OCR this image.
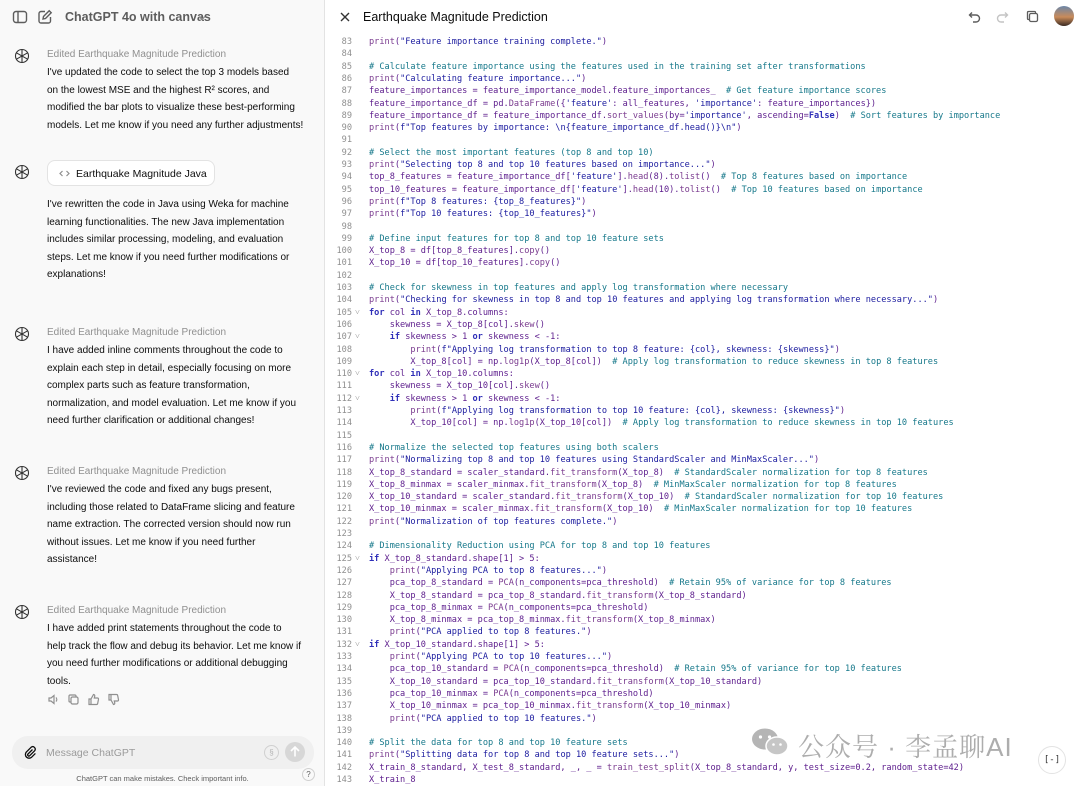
ChatGPT 4o with canvas
Edited Earthquake Magnitude Prediction
I've updated the code to select the top 3 models based
on the lowest MSE and the highest R² scores, and
modified the bar plots to visualize these best-performing
models. Let me know if you need any further adjustments!
Earthquake Magnitude Java
I've rewritten the code in Java using Weka for machine
learning functionalities. The new Java implementation
includes similar processing, modeling, and evaluation
steps. Let me know if you need further modifications or
explanations!
Edited Earthquake Magnitude Prediction
I have added inline comments throughout the code to
explain each step in detail, especially focusing on more
complex parts such as feature transformation,
normalization, and model evaluation. Let me know if you
need further clarification or additional changes!
Edited Earthquake Magnitude Prediction
I've reviewed the code and fixed any bugs present,
including those related to DataFrame slicing and feature
name extraction. The corrected version should now run
without issues. Let me know if you need further
assistance!
Edited Earthquake Magnitude Prediction
I have added print statements throughout the code to
help track the flow and debug its behavior. Let me know if
you need further modifications or additional debugging
tools.
Message ChatGPT
§
ChatGPT can make mistakes. Check important info.	?
Earthquake Magnitude Prediction
83 print("Feature importance training complete.")
84
85 # Calculate feature importance using the features used in the training set after transformations
86 print("Calculating feature importance...")
87 feature_importances = feature_importance_model.feature_importances_  # Get feature importance scores
88 feature_importance_df = pd.DataFrame({'feature': all_features, 'importance': feature_importances})
89 feature_importance_df = feature_importance_df.sort_values(by='importance', ascending=False)  # Sort features by importance
90 print(f"Top features by importance: \n{feature_importance_df.head()}\n")
91
92 # Select the most important features (top 8 and top 10)
93 print("Selecting top 8 and top 10 features based on importance...")
94 top_8_features = feature_importance_df['feature'].head(8).tolist()  # Top 8 features based on importance
95 top_10_features = feature_importance_df['feature'].head(10).tolist()  # Top 10 features based on importance
96 print(f"Top 8 features: {top_8_features}")
97 print(f"Top 10 features: {top_10_features}")
98
99 # Define input features for top 8 and top 10 feature sets
100 X_top_8 = df[top_8_features].copy()
101 X_top_10 = df[top_10_features].copy()
102
103 # Check for skewness in top features and apply log transformation where necessary
104 print("Checking for skewness in top 8 and top 10 features and applying log transformation where necessary...")
105 ˅ for col in X_top_8.columns:
106 skewness = X_top_8[col].skew()
107 ˅	if skewness > 1 or skewness < -1:
108	print(f"Applying log transformation to top 8 feature: {col}, skewness: {skewness}")
109 X_top_8[col] = np.log1p(X_top_8[col])  # Apply log transformation to reduce skewness in top 8 features
110 ˅ for col in X_top_10.columns:
111 skewness = X_top_10[col].skew()
112 ˅	if skewness > 1 or skewness < -1:
113	print(f"Applying log transformation to top 10 feature: {col}, skewness: {skewness}")
114 X_top_10[col] = np.log1p(X_top_10[col])  # Apply log transformation to reduce skewness in top 10 features
115
116 # Normalize the selected top features using both scalers
117 print("Normalizing top 8 and top 10 features using StandardScaler and MinMaxScaler...")
118 X_top_8_standard = scaler_standard.fit_transform(X_top_8)  # StandardScaler normalization for top 8 features
119 X_top_8_minmax = scaler_minmax.fit_transform(X_top_8)  # MinMaxScaler normalization for top 8 features
120 X_top_10_standard = scaler_standard.fit_transform(X_top_10)  # StandardScaler normalization for top 10 features
121 X_top_10_minmax = scaler_minmax.fit_transform(X_top_10)  # MinMaxScaler normalization for top 10 features
122 print("Normalization of top features complete.")
123
124 # Dimensionality Reduction using PCA for top 8 and top 10 features
125 ˅ if X_top_8_standard.shape[1] > 5:
126	print("Applying PCA to top 8 features...")
127 pca_top_8_standard = PCA(n_components=pca_threshold)  # Retain 95% of variance for top 8 features
128 X_top_8_standard = pca_top_8_standard.fit_transform(X_top_8_standard)
129 pca_top_8_minmax = PCA(n_components=pca_threshold)
130 X_top_8_minmax = pca_top_8_minmax.fit_transform(X_top_8_minmax)
131	print("PCA applied to top 8 features.")
132 ˅ if X_top_10_standard.shape[1] > 5:
133	print("Applying PCA to top 10 features...")
134 pca_top_10_standard = PCA(n_components=pca_threshold)  # Retain 95% of variance for top 10 features
135 X_top_10_standard = pca_top_10_standard.fit_transform(X_top_10_standard)
136 pca_top_10_minmax = PCA(n_components=pca_threshold)
137 X_top_10_minmax = pca_top_10_minmax.fit_transform(X_top_10_minmax)
138	print("PCA applied to top 10 features.")
139
140 # Split the data for top 8 and top 10 feature sets
141 print("Splitting data for top 8 and top 10 feature sets...")
142 X_train_8_standard, X_test_8_standard, _, _ = train_test_split(X_top_8_standard, y, test_size=0.2, random_state=42)
143 X_train_8
公众号 · 李孟聊AI	[-]
